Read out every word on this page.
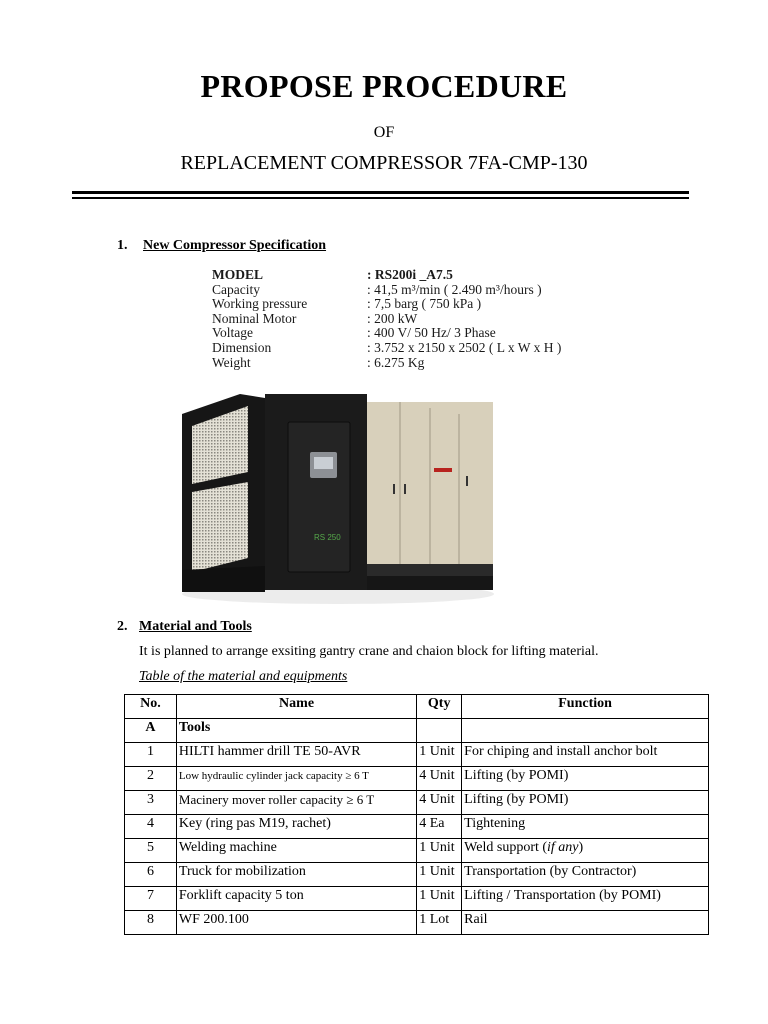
PROPOSE PROCEDURE
OF
REPLACEMENT COMPRESSOR 7FA-CMP-130
1. New Compressor Specification
MODEL	: RS200i _A7.5
Capacity	: 41,5 m³/min ( 2.490 m³/hours )
Working pressure	: 7,5 barg ( 750 kPa )
Nominal Motor	: 200 kW
Voltage	: 400 V/ 50 Hz/ 3 Phase
Dimension	: 3.752 x 2150 x 2502 ( L x W x H )
Weight	: 6.275 Kg
RS 250
2. Material and Tools
It is planned to arrange exsiting gantry crane and chaion block for lifting material.
Table of the material and equipments
No.	Name	Qty	Function
A	Tools		
1	HILTI hammer drill TE 50-AVR	1 Unit	For chiping and install anchor bolt
2	Low hydraulic cylinder jack capacity ≥ 6 T	4 Unit	Lifting (by POMI)
3	Macinery mover roller capacity ≥ 6 T	4 Unit	Lifting (by POMI)
4	Key (ring pas M19, rachet)	4 Ea	Tightening
5	Welding machine	1 Unit	Weld support (if any)
6	Truck for mobilization	1 Unit	Transportation (by Contractor)
7	Forklift capacity 5 ton	1 Unit	Lifting / Transportation (by POMI)
8	WF 200.100	1 Lot	Rail
